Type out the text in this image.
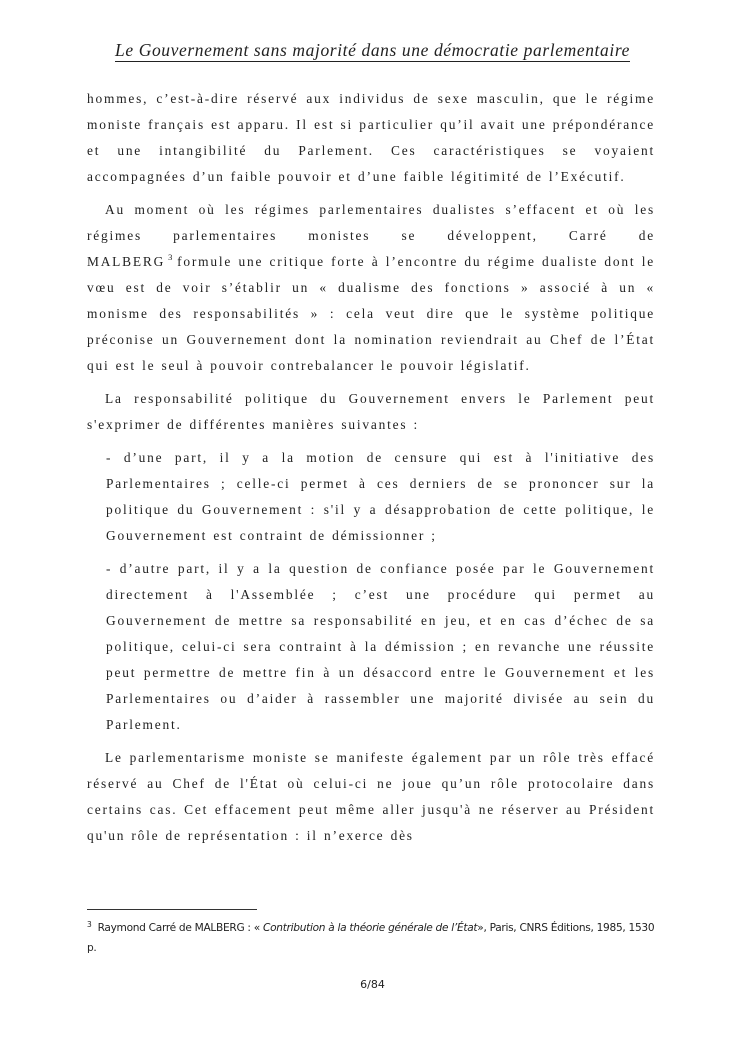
Le Gouvernement sans majorité dans une démocratie parlementaire

hommes, c’est-à-dire réservé aux individus de sexe masculin, que le régime moniste français est apparu. Il est si particulier qu’il avait une prépondérance et une intangibilité du Parlement. Ces caractéristiques se voyaient accompagnées d’un faible pouvoir et d’une faible légitimité de l’Exécutif.

Au moment où les régimes parlementaires dualistes s’effacent et où les régimes parlementaires monistes se développent, Carré de MALBERG $^3$ formule une critique forte à l’encontre du régime dualiste dont le vœu est de voir s’établir un « dualisme des fonctions » associé à un « monisme des responsabilités » : cela veut dire que le système politique préconise un Gouvernement dont la nomination reviendrait au Chef de l’État qui est le seul à pouvoir contrebalancer le pouvoir législatif.

La responsabilité politique du Gouvernement envers le Parlement peut s'exprimer de différentes manières suivantes :

- d’une part, il y a la motion de censure qui est à l'initiative des Parlementaires ; celle-ci permet à ces derniers de se prononcer sur la politique du Gouvernement : s'il y a désapprobation de cette politique, le Gouvernement est contraint de démissionner ;

- d’autre part, il y a la question de confiance posée par le Gouvernement directement à l'Assemblée ; c’est une procédure qui permet au Gouvernement de mettre sa responsabilité en jeu, et en cas d’échec de sa politique, celui-ci sera contraint à la démission ; en revanche une réussite peut permettre de mettre fin à un désaccord entre le Gouvernement et les Parlementaires ou d’aider à rassembler une majorité divisée au sein du Parlement.

Le parlementarisme moniste se manifeste également par un rôle très effacé réservé au Chef de l'État où celui-ci ne joue qu’un rôle protocolaire dans certains cas. Cet effacement peut même aller jusqu'à ne réserver au Président qu'un rôle de représentation : il n’exerce dès

$^3$ Raymond Carré de MALBERG : « Contribution à la théorie générale de l’État», Paris, CNRS Éditions, 1985, 1530 p.
6/84
